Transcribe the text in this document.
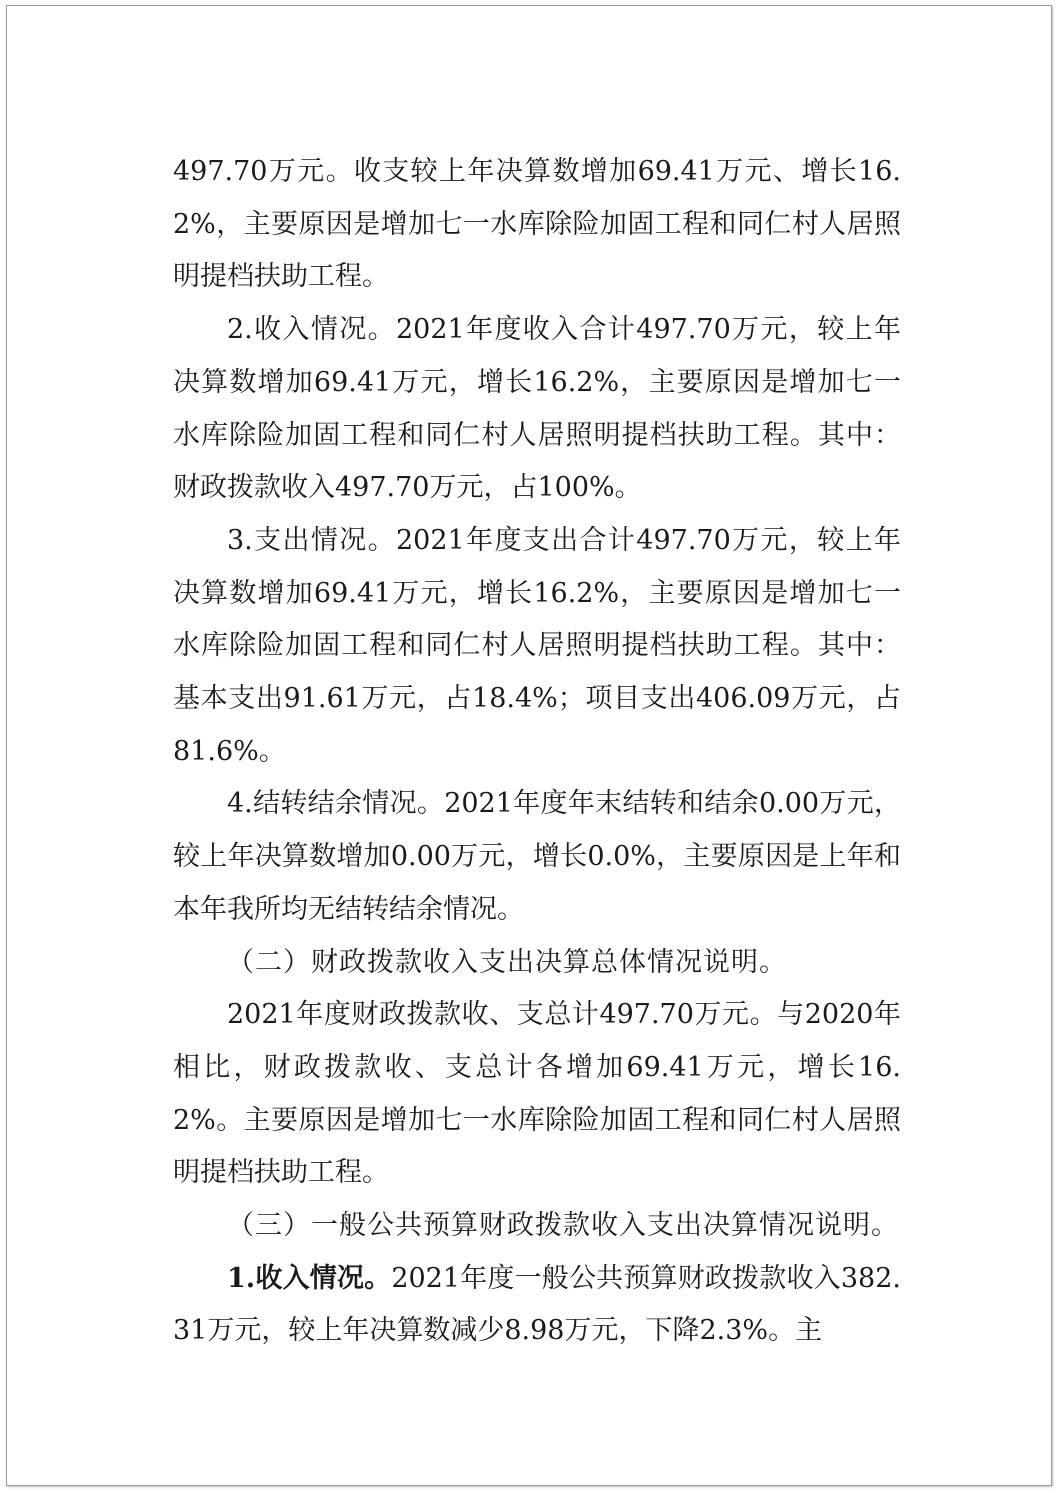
497.70万元。收支较上年决算数增加69.41万元、增长16.2%，主要原因是增加七一水库除险加固工程和同仁村人居照明提档扶助工程。

2.收入情况。2021年度收入合计497.70万元，较上年决算数增加69.41万元，增长16.2%，主要原因是增加七一水库除险加固工程和同仁村人居照明提档扶助工程。其中：财政拨款收入497.70万元，占100%。

3.支出情况。2021年度支出合计497.70万元，较上年决算数增加69.41万元，增长16.2%，主要原因是增加七一水库除险加固工程和同仁村人居照明提档扶助工程。其中：基本支出91.61万元，占18.4%；项目支出406.09万元，占81.6%。

4.结转结余情况。2021年度年末结转和结余0.00万元，较上年决算数增加0.00万元，增长0.0%，主要原因是上年和本年我所均无结转结余情况。

（二）财政拨款收入支出决算总体情况说明。

2021年度财政拨款收、支总计497.70万元。与2020年相比，财政拨款收、支总计各增加69.41万元，增长16.2%。主要原因是增加七一水库除险加固工程和同仁村人居照明提档扶助工程。

（三）一般公共预算财政拨款收入支出决算情况说明。

1.收入情况。2021年度一般公共预算财政拨款收入382.31万元，较上年决算数减少8.98万元，下降2.3%。主
